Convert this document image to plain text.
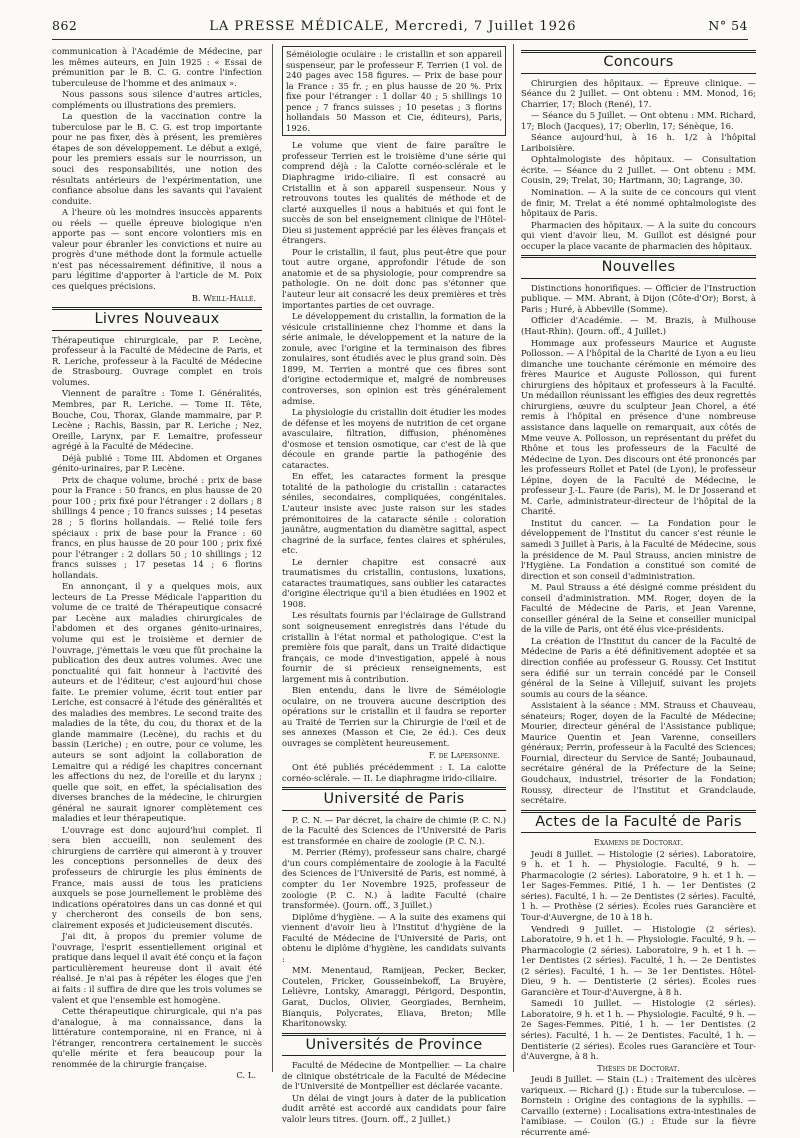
862	LA PRESSE MÉDICALE, Mercredi, 7 Juillet 1926	N° 54

communication à l'Académie de Médecine, par les mêmes auteurs, en Juin 1925 : « Essai de prémunition par le B. C. G. contre l'infection tuberculeuse de l'homme et des animaux ».

Nous passons sous silence d'autres articles, compléments ou illustrations des premiers.

La question de la vaccination contre la tuberculose par le B. C. G. est trop importante pour ne pas fixer, dès à présent, les premières étapes de son développement. Le début a exigé, pour les premiers essais sur le nourrisson, un souci des responsabilités, une notion des résultats antérieurs de l'expérimentation, une confiance absolue dans les savants qui l'avaient conduite.

A l'heure où les moindres insuccès apparents ou réels — quelle épreuve biologique n'en apporte pas — sont encore volontiers mis en valeur pour ébranler les convictions et nuire au progrès d'une méthode dont la formule actuelle n'est pas nécessairement définitive, il nous a paru légitime d'apporter à l'article de M. Poix ces quelques précisions.

B. Weill-Hallé.
Livres Nouveaux

Thérapeutique chirurgicale, par P. Lecène, professeur à la Faculté de Médecine de Paris, et R. Leriche, professeur à la Faculté de Médecine de Strasbourg. Ouvrage complet en trois volumes.

Viennent de paraître : Tome I. Généralités, Membres, par R. Leriche. — Tome II. Tête, Bouche, Cou, Thorax, Glande mammaire, par P. Lecène ; Rachis, Bassin, par R. Leriche ; Nez, Oreille, Larynx, par F. Lemaitre, professeur agrégé à la Faculté de Médecine.

Déjà publié : Tome III. Abdomen et Organes génito-urinaires, par P. Lecène.

Prix de chaque volume, broché : prix de base pour la France : 50 francs, en plus hausse de 20 pour 100 ; prix fixé pour l'étranger : 2 dollars ; 8 shillings 4 pence ; 10 francs suisses ; 14 pesetas 28 ; 5 florins hollandais. — Relié toile fers spéciaux : prix de base pour la France : 60 francs, en plus hausse de 20 pour 100 ; prix fixé pour l'étranger : 2 dollars 50 ; 10 shillings ; 12 francs suisses ; 17 pesetas 14 ; 6 florins hollandais.

En annonçant, il y a quelques mois, aux lecteurs de La Presse Médicale l'apparition du volume de ce traité de Thérapeutique consacré par Lecène aux maladies chirurgicales de l'abdomen et des organes génito-urinaires, volume qui est le troisième et dernier de l'ouvrage, j'émettais le vœu que fût prochaine la publication des deux autres volumes. Avec une ponctualité qui fait honneur à l'activité des auteurs et de l'éditeur, c'est aujourd'hui chose faite. Le premier volume, écrit tout entier par Leriche, est consacré à l'étude des généralités et des maladies des membres. Le second traite des maladies de la tête, du cou, du thorax et de la glande mammaire (Lecène), du rachis et du bassin (Leriche) ; en outre, pour ce volume, les auteurs se sont adjoint la collaboration de Lemaitre qui a rédigé les chapitres concernant les affections du nez, de l'oreille et du larynx ; quelle que soit, en effet, la spécialisation des diverses branches de la médecine, le chirurgien général ne saurait ignorer complètement ces maladies et leur thérapeutique.

L'ouvrage est donc aujourd'hui complet. Il sera bien accueilli, non seulement des chirurgiens de carrière qui aimeront à y trouver les conceptions personnelles de deux des professeurs de chirurgie les plus éminents de France, mais aussi de tous les praticiens auxquels se pose journellement le problème des indications opératoires dans un cas donné et qui y chercheront des conseils de bon sens, clairement exposés et judicieusement discutés.

J'ai dit, à propos du premier volume de l'ouvrage, l'esprit essentiellement original et pratique dans lequel il avait été conçu et la façon particulièrement heureuse dont il avait été réalisé. Je n'ai pas à répéter les éloges que j'en ai faits : il suffira de dire que les trois volumes se valent et que l'ensemble est homogène.

Cette thérapeutique chirurgicale, qui n'a pas d'analogue, à ma connaissance, dans la littérature contemporaine, ni en France, ni à l'étranger, rencontrera certainement le succès qu'elle mérite et fera beaucoup pour la renommée de la chirurgie française.

C. L.
Séméiologie oculaire : le cristallin et son appareil suspenseur, par le professeur F. Terrien (1 vol. de 240 pages avec 158 figures. — Prix de base pour la France : 35 fr. ; en plus hausse de 20 %. Prix fixe pour l'étranger : 1 dollar 40 ; 5 shillings 10 pence ; 7 francs suisses ; 10 pesetas ; 3 florins hollandais 50 Masson et Cie, éditeurs), Paris, 1926.

Le volume que vient de faire paraître le professeur Terrien est le troisième d'une série qui comprend déjà : la Calotte cornéo-sclérale et le Diaphragme irido-ciliaire. Il est consacré au Cristallin et à son appareil suspenseur. Nous y retrouvons toutes les qualités de méthode et de clarté auxquelles il nous a habitués et qui font le succès de son bel enseignement clinique de l'Hôtel-Dieu si justement apprécié par les élèves français et étrangers.

Pour le cristallin, il faut, plus peut-être que pour tout autre organe, approfondir l'étude de son anatomie et de sa physiologie, pour comprendre sa pathologie. On ne doit donc pas s'étonner que l'auteur leur ait consacré les deux premières et très importantes parties de cet ouvrage.

Le développement du cristallin, la formation de la vésicule cristallinienne chez l'homme et dans la série animale, le développement et la nature de la zonule, avec l'origine et la terminaison des fibres zonulaires, sont étudiés avec le plus grand soin. Dès 1899, M. Terrien a montré que ces fibres sont d'origine ectodermique et, malgré de nombreuses controverses, son opinion est très généralement admise.

La physiologie du cristallin doit étudier les modes de défense et les moyens de nutrition de cet organe avasculaire, filtration, diffusion, phénomènes d'osmose et tension osmotique, car c'est de là que découle en grande partie la pathogénie des cataractes.

En effet, les cataractes forment la presque totalité de la pathologie du cristallin : cataractes séniles, secondaires, compliquées, congénitales. L'auteur insiste avec juste raison sur les stades prémonitoires de la cataracte sénile : coloration jaunâtre, augmentation du diamètre sagittal, aspect chagriné de la surface, fentes claires et sphérules, etc.

Le dernier chapitre est consacré aux traumatismes du cristallin, contusions, luxations, cataractes traumatiques, sans oublier les cataractes d'origine électrique qu'il a bien étudiées en 1902 et 1908.

Les résultats fournis par l'éclairage de Gullstrand sont soigneusement enregistrés dans l'étude du cristallin à l'état normal et pathologique. C'est la première fois que paraît, dans un Traité didactique français, ce mode d'investigation, appelé à nous fournir de si précieux renseignements, est largement mis à contribution.

Bien entendu, dans le livre de Séméiologie oculaire, on ne trouvera aucune description des opérations sur le cristallin et il faudra se reporter au Traité de Terrien sur la Chirurgie de l'œil et de ses annexes (Masson et Cie, 2e éd.). Ces deux ouvrages se complètent heureusement.

F. de Lapersonne.

Ont été publiés précédemment : I. La calotte cornéo-sclérale. — II. Le diaphragme irido-ciliaire.

Université de Paris

P. C. N. — Par décret, la chaire de chimie (P. C. N.) de la Faculté des Sciences de l'Université de Paris est transformée en chaire de zoologie (P. C. N.).

M. Perrier (Rémy), professeur sans chaire, chargé d'un cours complémentaire de zoologie à la Faculté des Sciences de l'Université de Paris, est nommé, à compter du 1er Novembre 1925, professeur de zoologie (P. C. N.) à ladite Faculté (chaire transformée). (Journ. off., 3 Juillet.)

Diplôme d'hygiène. — A la suite des examens qui viennent d'avoir lieu à l'Institut d'hygiène de la Faculté de Médecine de l'Université de Paris, ont obtenu le diplôme d'hygiène, les candidats suivants :

MM. Menentaud, Ramijean, Pecker, Becker, Coutelen, Fricker, Gousseinbekoff, La Bruyère, Lelièvre, Lontsky, Amaraggi, Périgord, Despontin, Garat, Duclos, Olivier, Georgiades, Bernheim, Bianquis, Polycrates, Eliava, Breton; Mlle Kharitonowsky.

Universités de Province

Faculté de Médecine de Montpellier. — La chaire de clinique obstétricale de la Faculté de Médecine de l'Université de Montpellier est déclarée vacante.

Un délai de vingt jours à dater de la publication dudit arrêté est accordé aux candidats pour faire valoir leurs titres. (Journ. off., 2 Juillet.)

Concours

Chirurgien des hôpitaux. — Épreuve clinique. — Séance du 2 Juillet. — Ont obtenu : MM. Monod, 16; Charrier, 17; Bloch (René), 17.

— Séance du 5 Juillet. — Ont obtenu : MM. Richard, 17; Bloch (Jacques), 17; Oberlin, 17; Sénèque, 16.

Séance aujourd'hui, à 16 h. 1/2 à l'hôpital Lariboisière.

Ophtalmologiste des hôpitaux. — Consultation écrite. — Séance du 2 Juillet. — Ont obtenu : MM. Cousin, 29; Trelat, 30; Hartmann, 30; Lagrange, 30.

Nomination. — A la suite de ce concours qui vient de finir, M. Trelat a été nommé ophtalmologiste des hôpitaux de Paris.

Pharmacien des hôpitaux. — A la suite du concours qui vient d'avoir lieu, M. Guillot est désigné pour occuper la place vacante de pharmacien des hôpitaux.

Nouvelles

Distinctions honorifiques. — Officier de l'Instruction publique. — MM. Abrant, à Dijon (Côte-d'Or); Borst, à Paris ; Huré, à Abbeville (Somme).

Officier d'Académie. — M. Brazis, à Mulhouse (Haut-Rhin). (Journ. off., 4 Juillet.)

Hommage aux professeurs Maurice et Auguste Pollosson. — A l'hôpital de la Charité de Lyon a eu lieu dimanche une touchante cérémonie en mémoire des frères Maurice et Auguste Pollosson, qui furent chirurgiens des hôpitaux et professeurs à la Faculté. Un médaillon réunissant les effigies des deux regrettés chirurgiens, œuvre du sculpteur Jean Chorel, a été remis à l'hôpital en présence d'une nombreuse assistance dans laquelle on remarquait, aux côtés de Mme veuve A. Pollosson, un représentant du préfet du Rhône et tous les professeurs de la Faculté de Médecine de Lyon. Des discours ont été prononcés par les professeurs Rollet et Patel (de Lyon), le professeur Lépine, doyen de la Faculté de Médecine, le professeur J.-L. Faure (de Paris), M. le Dr Josserand et M. Carle, administrateur-directeur de l'hôpital de la Charité.

Institut du cancer. — La Fondation pour le développement de l'Institut du cancer s'est réunie le samedi 3 Juillet à Paris, à la Faculté de Médecine, sous la présidence de M. Paul Strauss, ancien ministre de l'Hygiène. La Fondation a constitué son comité de direction et son conseil d'administration.

M. Paul Strauss a été désigné comme président du conseil d'administration. MM. Roger, doyen de la Faculté de Médecine de Paris, et Jean Varenne, conseiller général de la Seine et conseiller municipal de la ville de Paris, ont été élus vice-présidents.

La création de l'Institut du cancer de la Faculté de Médecine de Paris a été définitivement adoptée et sa direction confiée au professeur G. Roussy. Cet Institut sera édifié sur un terrain concédé par le Conseil général de la Seine à Villejuif, suivant les projets soumis au cours de la séance.

Assistaient à la séance : MM. Strauss et Chauveau, sénateurs; Roger, doyen de la Faculté de Médecine; Mourier, directeur général de l'Assistance publique; Maurice Quentin et Jean Varenne, conseillers généraux; Perrin, professeur à la Faculté des Sciences; Fournial, directeur du Service de Santé; Joubaunaud, secrétaire général de la Préfecture de la Seine; Goudchaux, industriel, trésorier de la Fondation; Roussy, directeur de l'Institut et Grandclaude, secrétaire.

Actes de la Faculté de Paris
Examens de Doctorat.

Jeudi 8 Juillet. — Histologie (2 séries). Laboratoire, 9 h. et 1 h. — Physiologie. Faculté, 9 h. — Pharmacologie (2 séries). Laboratoire, 9 h. et 1 h. — 1er Sages-Femmes. Pitié, 1 h. — 1er Dentistes (2 séries). Faculté, 1 h. — 2e Dentistes (2 séries). Faculté, 1 h. — Prothèse (2 séries). Écoles rues Garancière et Tour-d'Auvergne, de 10 à 18 h.

Vendredi 9 Juillet. — Histologie (2 séries). Laboratoire, 9 h. et 1 h. — Physiologie. Faculté, 9 h. — Pharmacologie (2 séries). Laboratoire, 9 h. et 1 h. — 1er Dentistes (2 séries). Faculté, 1 h. — 2e Dentistes (2 séries). Faculté, 1 h. — 3e 1er Dentistes. Hôtel-Dieu, 9 h. — Dentisterie (2 séries). Écoles rues Garancière et Tour-d'Auvergne, à 8 h.

Samedi 10 Juillet. — Histologie (2 séries). Laboratoire, 9 h. et 1 h. — Physiologie. Faculté, 9 h. — 2e Sages-Femmes. Pitié, 1 h. — 1er Dentistes (2 séries). Faculté, 1 h. — 2e Dentistes. Faculté, 1 h. — Dentisterie (2 séries). Écoles rues Garancière et Tour-d'Auvergne, à 8 h.

Thèses de Doctorat.

Jeudi 8 Juillet. — Stain (L.) : Traitement des ulcères variqueux. — Richard (J.) : Étude sur la tuberculose. — Bornstein : Origine des contagions de la syphilis. — Carvaillo (externe) : Localisations extra-intestinales de l'amibiase. — Coulon (G.) : Étude sur la fièvre récurrente amé-
